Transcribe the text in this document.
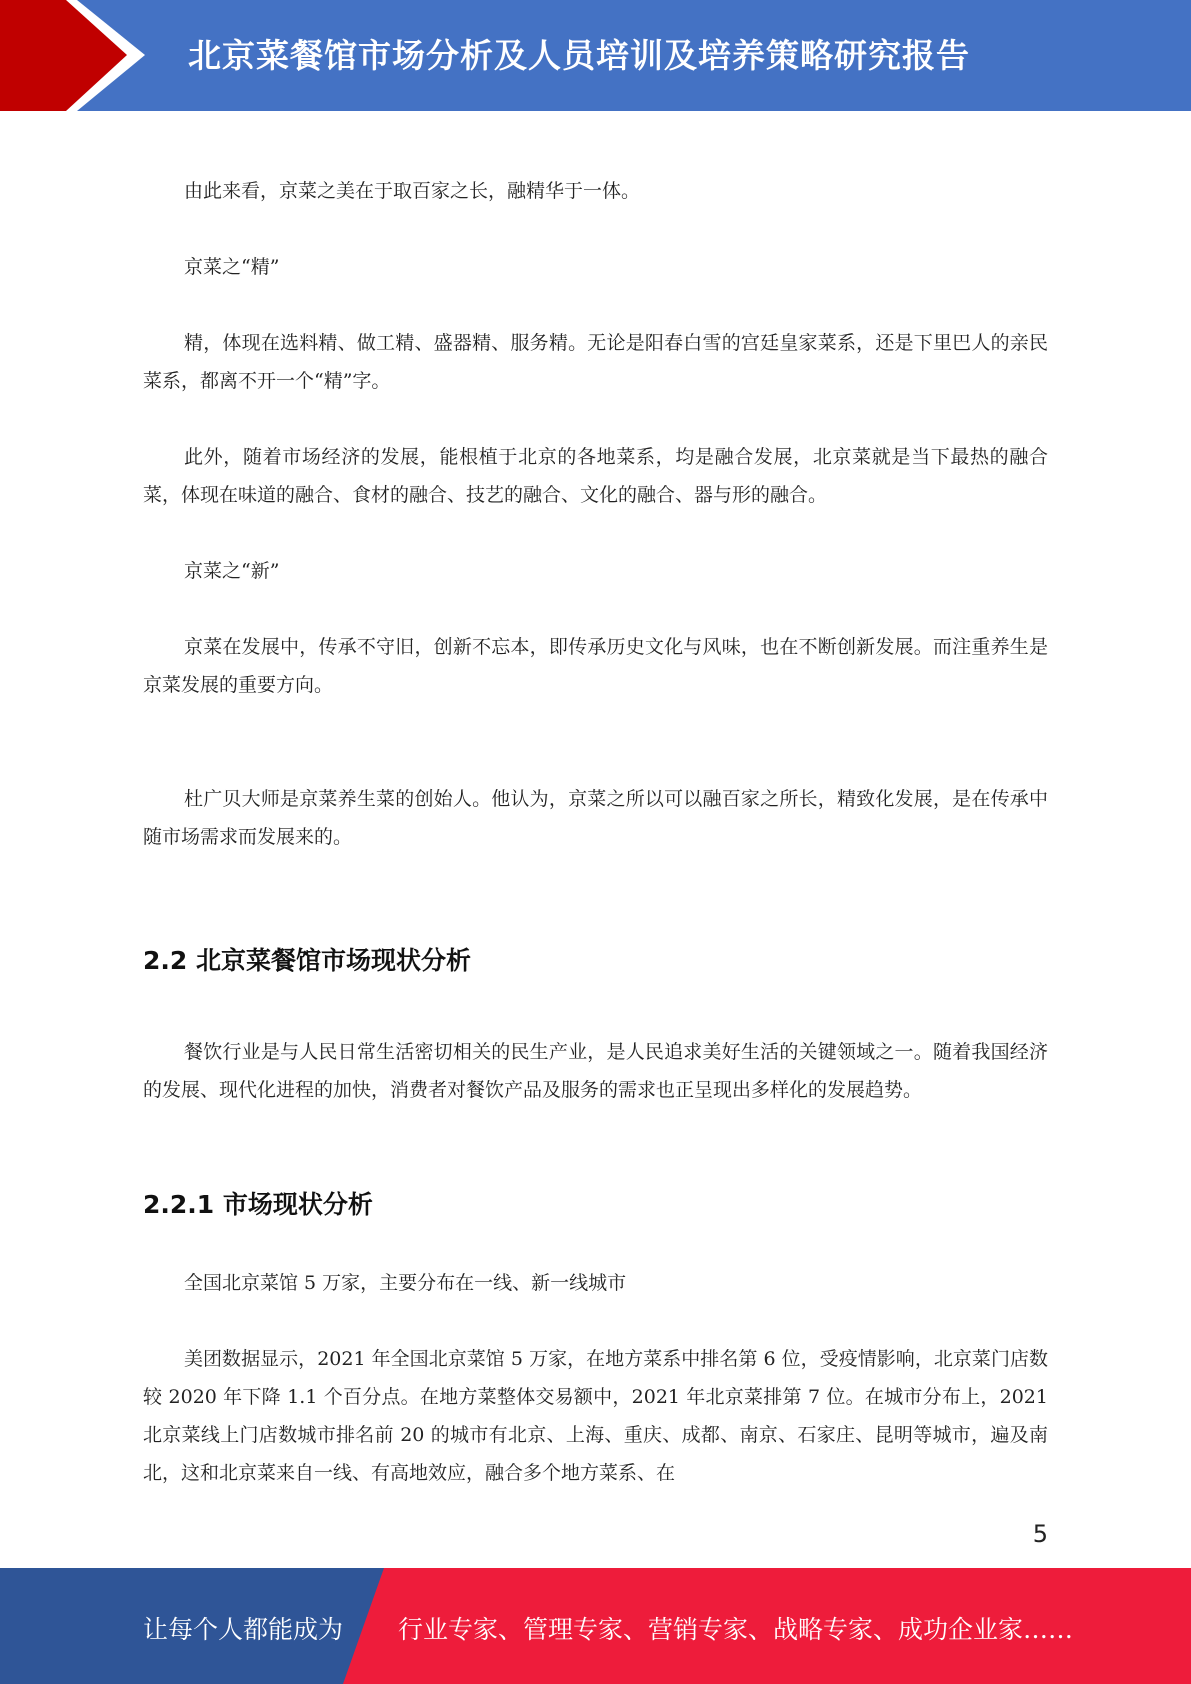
北京菜餐馆市场分析及人员培训及培养策略研究报告

由此来看，京菜之美在于取百家之长，融精华于一体。

京菜之“精”

精，体现在选料精、做工精、盛器精、服务精。无论是阳春白雪的宫廷皇家菜系，还是下里巴人的亲民菜系，都离不开一个“精”字。

此外，随着市场经济的发展，能根植于北京的各地菜系，均是融合发展，北京菜就是当下最热的融合菜，体现在味道的融合、食材的融合、技艺的融合、文化的融合、器与形的融合。

京菜之“新”

京菜在发展中，传承不守旧，创新不忘本，即传承历史文化与风味，也在不断创新发展。而注重养生是京菜发展的重要方向。

杜广贝大师是京菜养生菜的创始人。他认为，京菜之所以可以融百家之所长，精致化发展，是在传承中随市场需求而发展来的。

2.2 北京菜餐馆市场现状分析

餐饮行业是与人民日常生活密切相关的民生产业，是人民追求美好生活的关键领域之一。随着我国经济的发展、现代化进程的加快，消费者对餐饮产品及服务的需求也正呈现出多样化的发展趋势。

2.2.1 市场现状分析

全国北京菜馆 5 万家，主要分布在一线、新一线城市

美团数据显示，2021 年全国北京菜馆 5 万家，在地方菜系中排名第 6 位，受疫情影响，北京菜门店数较 2020 年下降 1.1 个百分点。在地方菜整体交易额中，2021 年北京菜排第 7 位。在城市分布上，2021 北京菜线上门店数城市排名前 20 的城市有北京、上海、重庆、成都、南京、石家庄、昆明等城市，遍及南北，这和北京菜来自一线、有高地效应，融合多个地方菜系、在

5
让每个人都能成为 行业专家、管理专家、营销专家、战略专家、成功企业家……
